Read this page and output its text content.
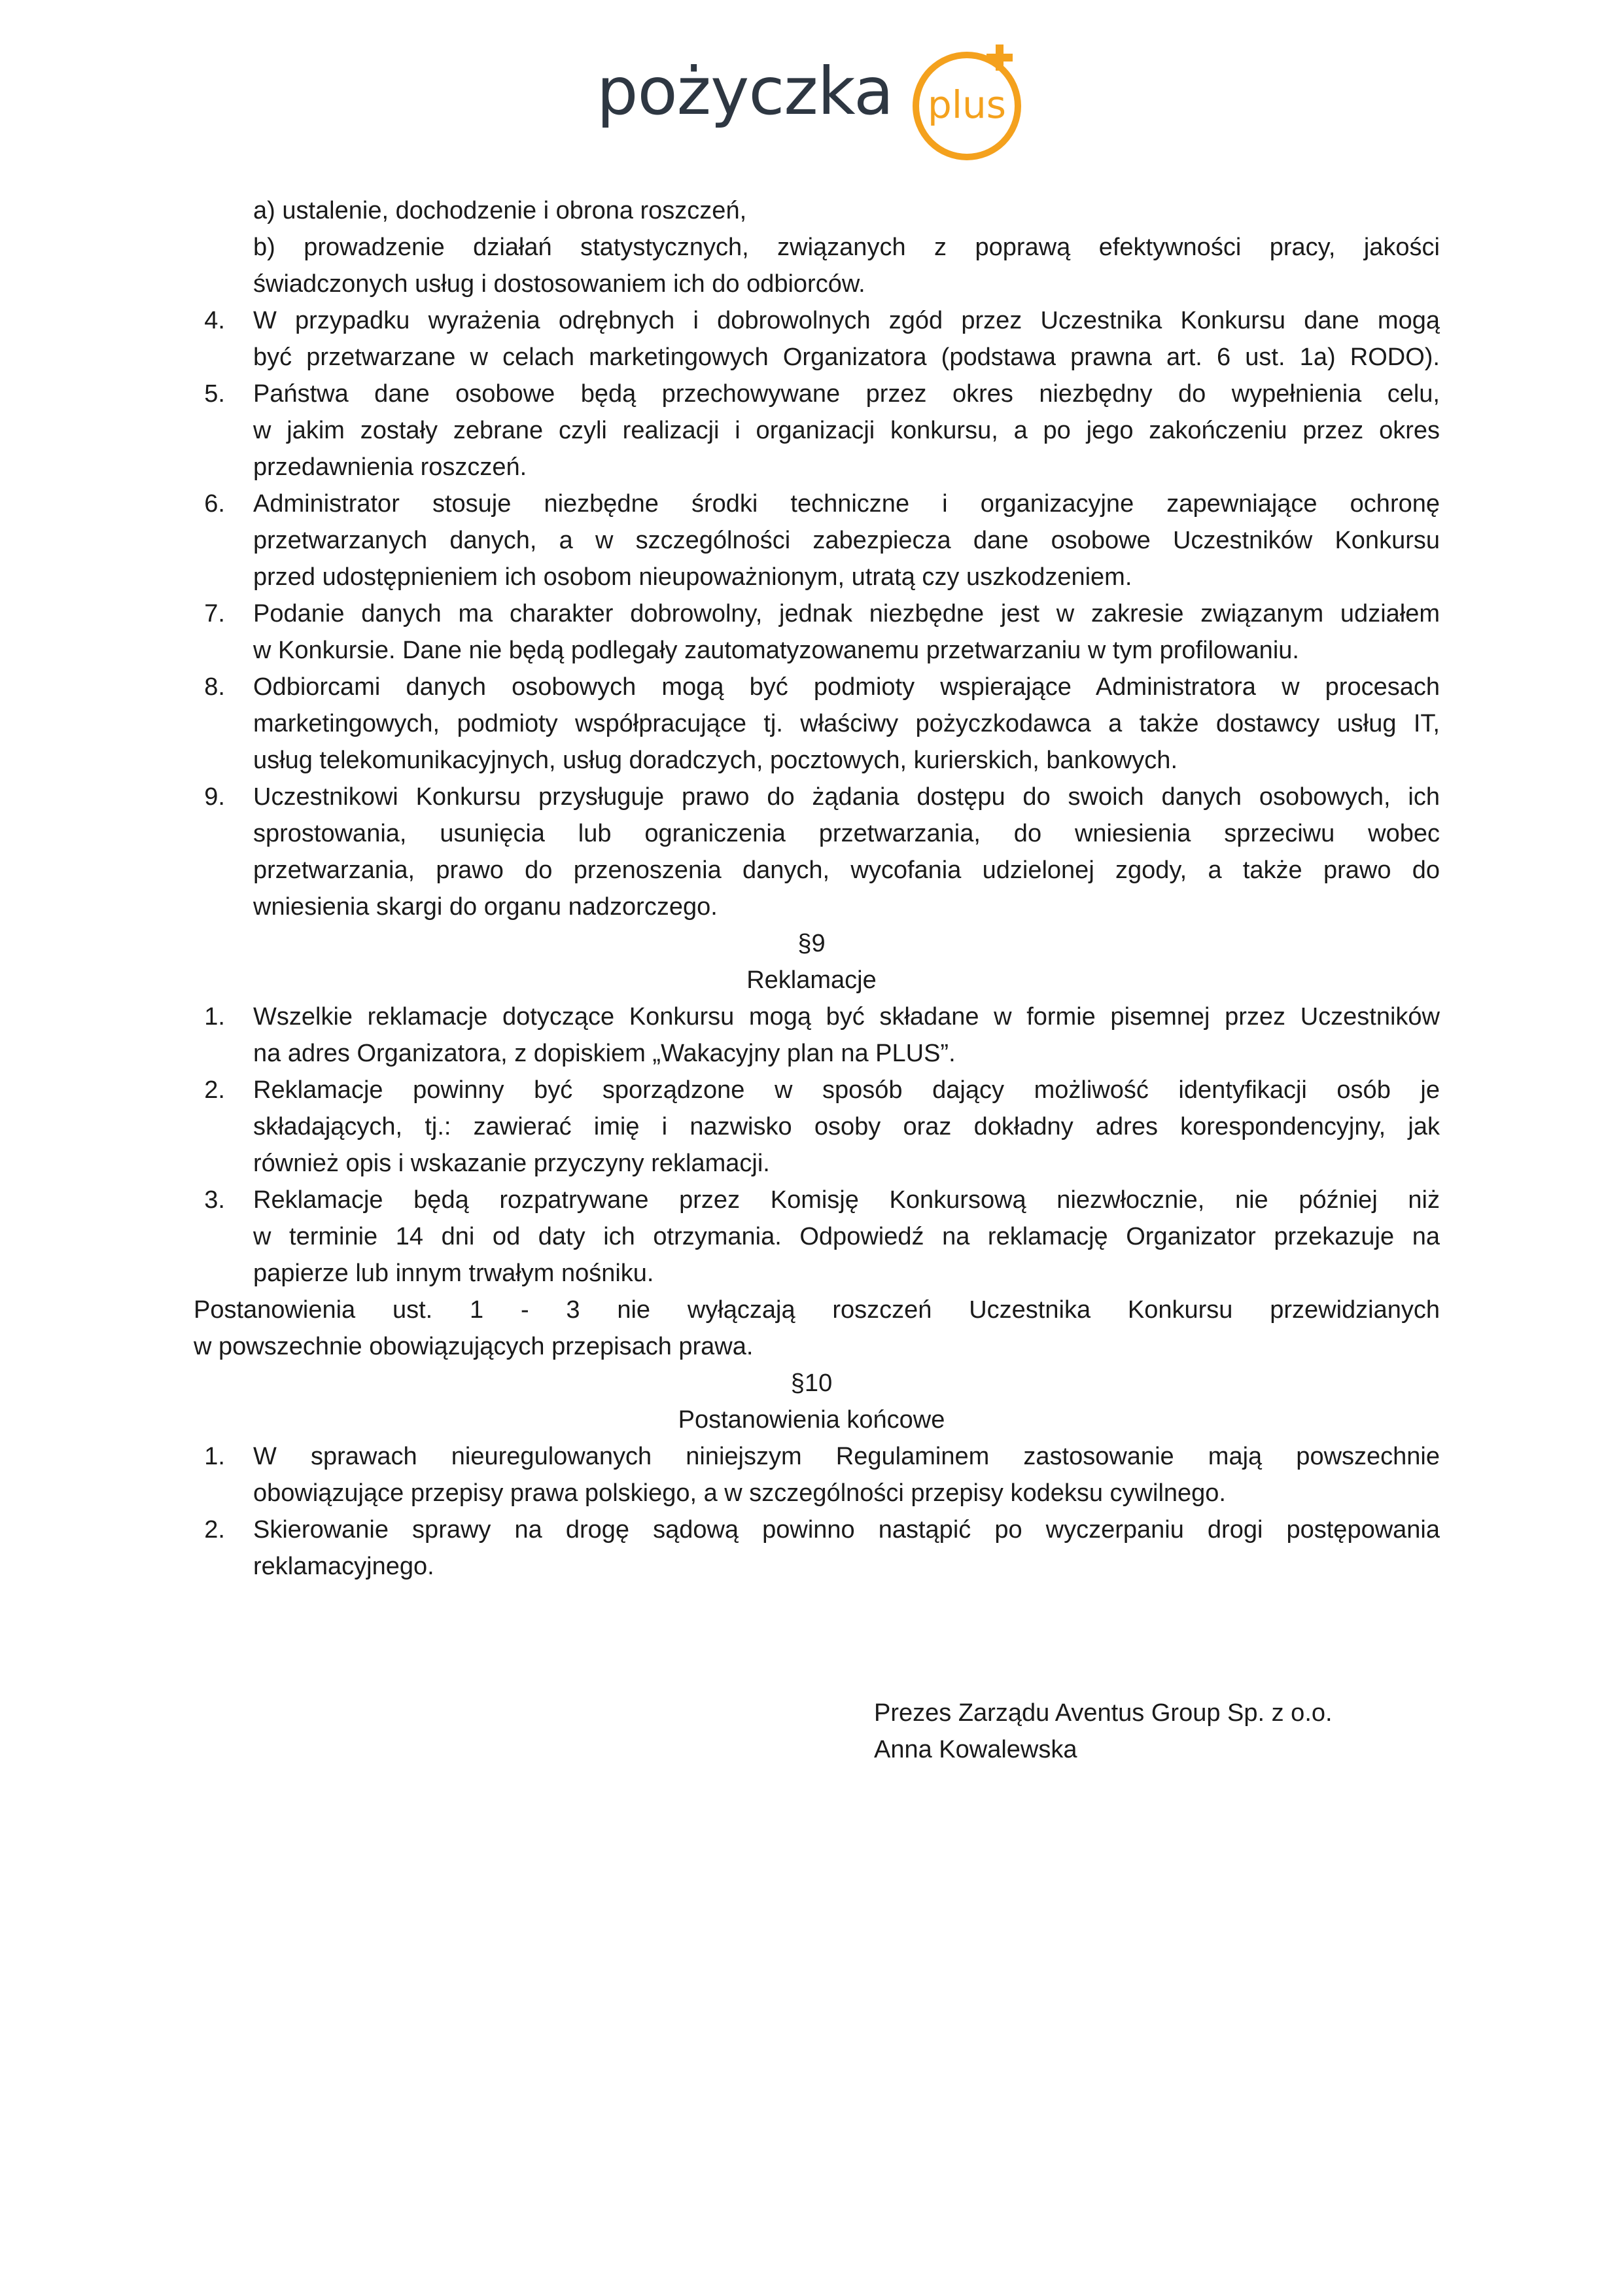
pożyczka plus
a) ustalenie, dochodzenie i obrona roszczeń,
b) prowadzenie działań statystycznych, związanych z poprawą efektywności pracy, jakości
świadczonych usług i dostosowaniem ich do odbiorców.
4. W przypadku wyrażenia odrębnych i dobrowolnych zgód przez Uczestnika Konkursu dane mogą
być przetwarzane w celach marketingowych Organizatora (podstawa prawna art. 6 ust. 1a) RODO).
5. Państwa dane osobowe będą przechowywane przez okres niezbędny do wypełnienia celu,
w jakim zostały zebrane czyli realizacji i organizacji konkursu, a po jego zakończeniu przez okres
przedawnienia roszczeń.
6. Administrator stosuje niezbędne środki techniczne i organizacyjne zapewniające ochronę
przetwarzanych danych, a w szczególności zabezpiecza dane osobowe Uczestników Konkursu
przed udostępnieniem ich osobom nieupoważnionym, utratą czy uszkodzeniem.
7. Podanie danych ma charakter dobrowolny, jednak niezbędne jest w zakresie związanym udziałem
w Konkursie. Dane nie będą podlegały zautomatyzowanemu przetwarzaniu w tym profilowaniu.
8. Odbiorcami danych osobowych mogą być podmioty wspierające Administratora w procesach
marketingowych, podmioty współpracujące tj. właściwy pożyczkodawca a także dostawcy usług IT,
usług telekomunikacyjnych, usług doradczych, pocztowych, kurierskich, bankowych.
9. Uczestnikowi Konkursu przysługuje prawo do żądania dostępu do swoich danych osobowych, ich
sprostowania, usunięcia lub ograniczenia przetwarzania, do wniesienia sprzeciwu wobec
przetwarzania, prawo do przenoszenia danych, wycofania udzielonej zgody, a także prawo do
wniesienia skargi do organu nadzorczego.
§9
Reklamacje
1. Wszelkie reklamacje dotyczące Konkursu mogą być składane w formie pisemnej przez Uczestników
na adres Organizatora, z dopiskiem „Wakacyjny plan na PLUS”.
2. Reklamacje powinny być sporządzone w sposób dający możliwość identyfikacji osób je
składających, tj.: zawierać imię i nazwisko osoby oraz dokładny adres korespondencyjny, jak
również opis i wskazanie przyczyny reklamacji.
3. Reklamacje będą rozpatrywane przez Komisję Konkursową niezwłocznie, nie później niż
w terminie 14 dni od daty ich otrzymania. Odpowiedź na reklamację Organizator przekazuje na
papierze lub innym trwałym nośniku.
Postanowienia ust. 1 - 3 nie wyłączają roszczeń Uczestnika Konkursu przewidzianych
w powszechnie obowiązujących przepisach prawa.
§10
Postanowienia końcowe
1. W sprawach nieuregulowanych niniejszym Regulaminem zastosowanie mają powszechnie
obowiązujące przepisy prawa polskiego, a w szczególności przepisy kodeksu cywilnego.
2. Skierowanie sprawy na drogę sądową powinno nastąpić po wyczerpaniu drogi postępowania
reklamacyjnego.
Prezes Zarządu Aventus Group Sp. z o.o.
Anna Kowalewska
